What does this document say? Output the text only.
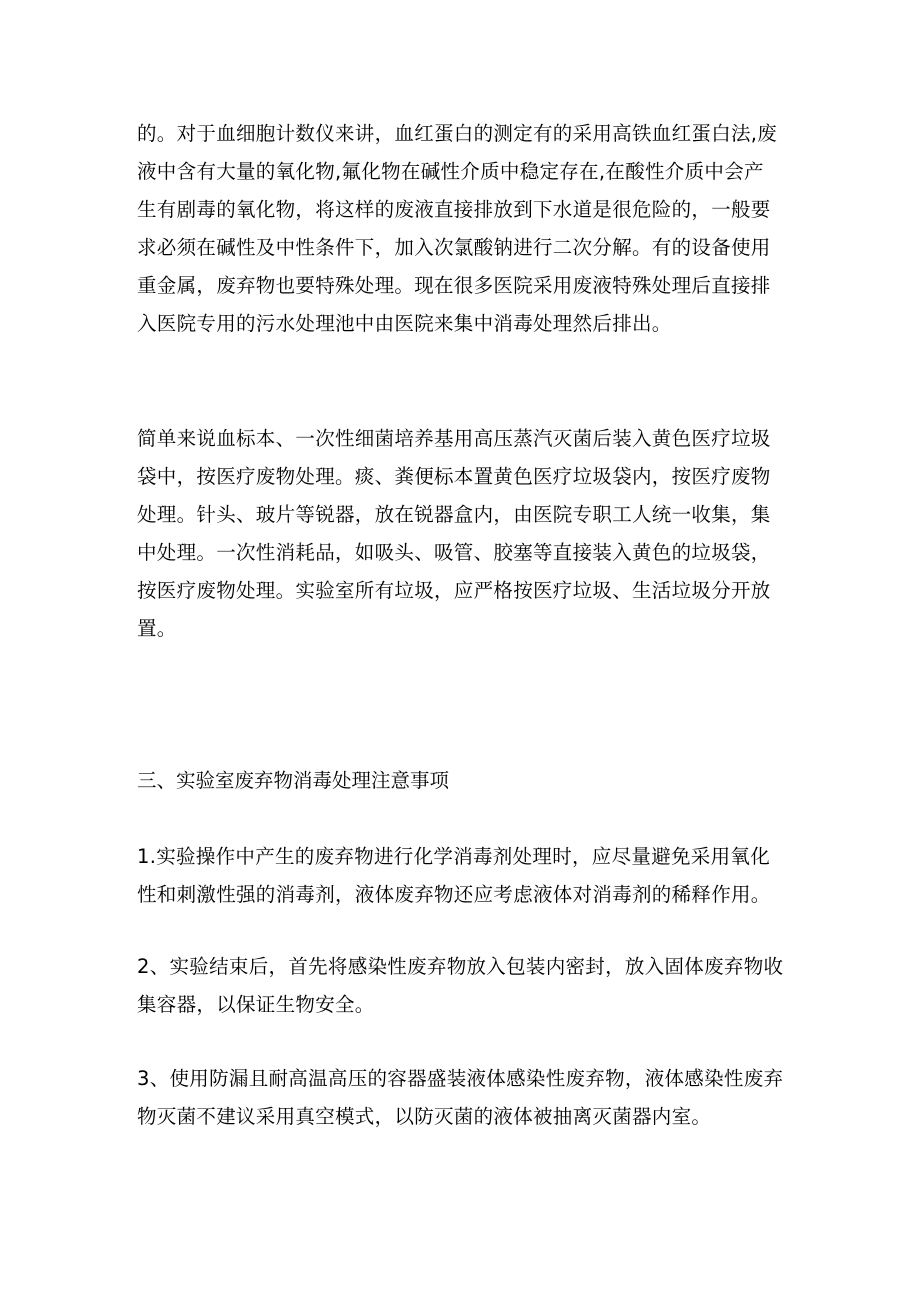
的。对于血细胞计数仪来讲，血红蛋白的测定有的采用高铁血红蛋白法,废
液中含有大量的氧化物,氟化物在碱性介质中稳定存在,在酸性介质中会产
生有剧毒的氧化物，将这样的废液直接排放到下水道是很危险的，一般要
求必须在碱性及中性条件下，加入次氯酸钠进行二次分解。有的设备使用
重金属，废弃物也要特殊处理。现在很多医院采用废液特殊处理后直接排
入医院专用的污水处理池中由医院来集中消毒处理然后排出。
简单来说血标本、一次性细菌培养基用高压蒸汽灭菌后装入黄色医疗垃圾
袋中，按医疗废物处理。痰、粪便标本置黄色医疗垃圾袋内，按医疗废物
处理。针头、玻片等锐器，放在锐器盒内，由医院专职工人统一收集，集
中处理。一次性消耗品，如吸头、吸管、胶塞等直接装入黄色的垃圾袋，
按医疗废物处理。实验室所有垃圾，应严格按医疗垃圾、生活垃圾分开放
置。
三、实验室废弃物消毒处理注意事项
1.实验操作中产生的废弃物进行化学消毒剂处理时，应尽量避免采用氧化
性和刺激性强的消毒剂，液体废弃物还应考虑液体对消毒剂的稀释作用。
2、实验结束后，首先将感染性废弃物放入包装内密封，放入固体废弃物收
集容器，以保证生物安全。
3、使用防漏且耐高温高压的容器盛装液体感染性废弃物，液体感染性废弃
物灭菌不建议采用真空模式，以防灭菌的液体被抽离灭菌器内室。
